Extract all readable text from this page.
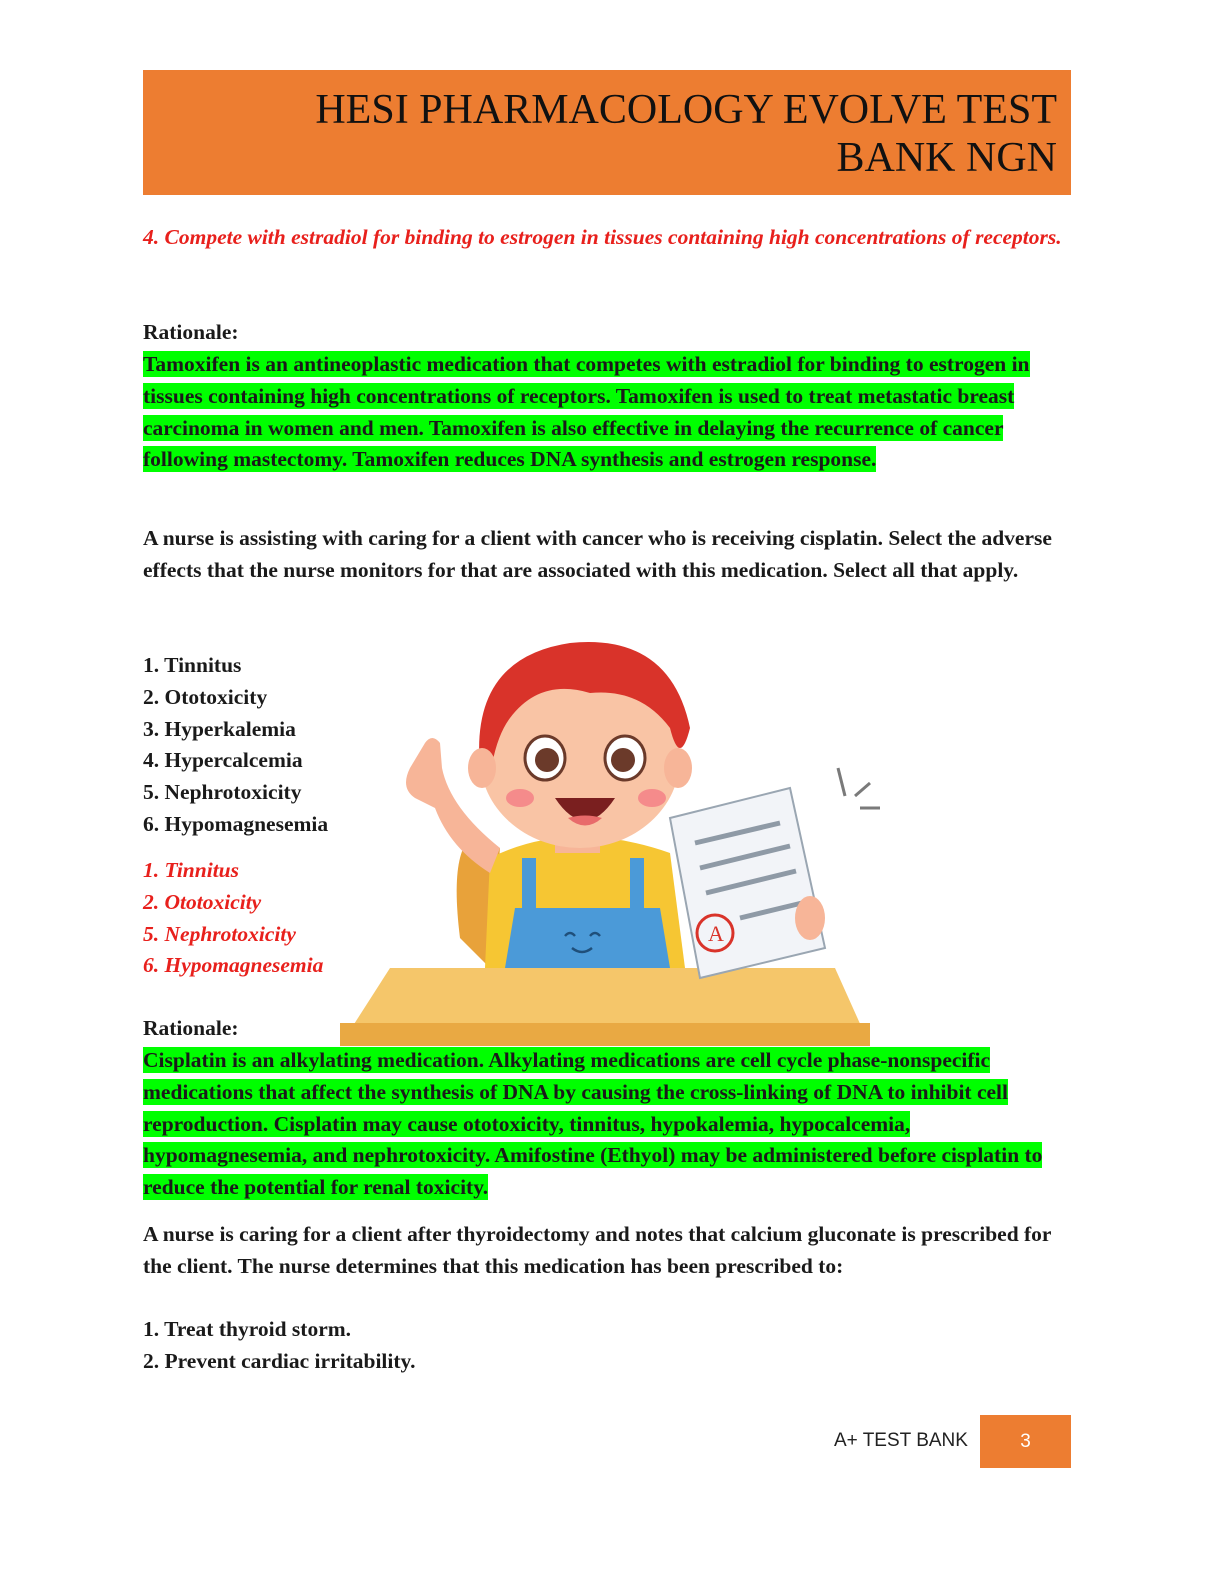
HESI PHARMACOLOGY EVOLVE TEST
BANK NGN
4. Compete with estradiol for binding to estrogen in tissues containing high concentrations of receptors.
Rationale:
Tamoxifen is an antineoplastic medication that competes with estradiol for binding to estrogen in tissues containing high concentrations of receptors. Tamoxifen is used to treat metastatic breast carcinoma in women and men. Tamoxifen is also effective in delaying the recurrence of cancer following mastectomy. Tamoxifen reduces DNA synthesis and estrogen response.
A nurse is assisting with caring for a client with cancer who is receiving cisplatin. Select the adverse effects that the nurse monitors for that are associated with this medication. Select all that apply.
1. Tinnitus
2. Ototoxicity
3. Hyperkalemia
4. Hypercalcemia
5. Nephrotoxicity
6. Hypomagnesemia
1. Tinnitus
2. Ototoxicity
5. Nephrotoxicity
6. Hypomagnesemia
A
Rationale:
Cisplatin is an alkylating medication. Alkylating medications are cell cycle phase-nonspecific medications that affect the synthesis of DNA by causing the cross-linking of DNA to inhibit cell reproduction. Cisplatin may cause ototoxicity, tinnitus, hypokalemia, hypocalcemia, hypomagnesemia, and nephrotoxicity. Amifostine (Ethyol) may be administered before cisplatin to reduce the potential for renal toxicity.
A nurse is caring for a client after thyroidectomy and notes that calcium gluconate is prescribed for the client. The nurse determines that this medication has been prescribed to:
1. Treat thyroid storm.
2. Prevent cardiac irritability.
A+ TEST BANK	3
